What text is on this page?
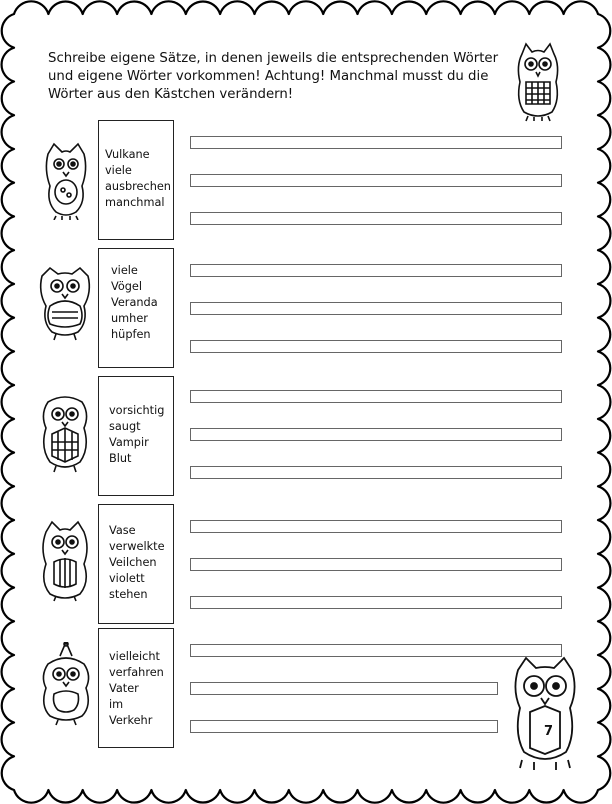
Schreibe eigene Sätze, in denen jeweils die entsprechenden Wörter
und eigene Wörter vorkommen! Achtung! Manchmal musst du die
Wörter aus den Kästchen verändern!
Vulkane
viele
ausbrechen
manchmal
viele
Vögel
Veranda
umher
hüpfen
vorsichtig
saugt
Vampir
Blut
Vase
verwelkte
Veilchen
violett
stehen
vielleicht
verfahren
Vater
im
Verkehr
7
